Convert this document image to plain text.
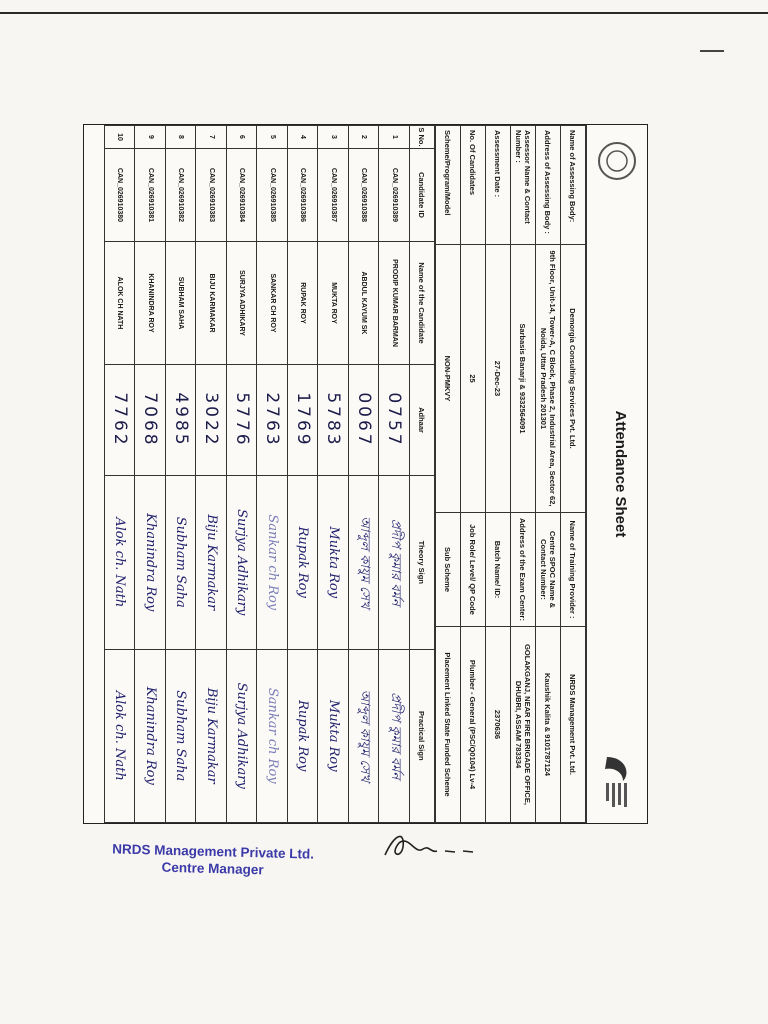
Attendance Sheet
Name of Assessing Body:	Demorgia Consulting Services Pvt. Ltd.	Name of Training Provider :	NRDS Management Pvt. Ltd.
Address of Assessing Body :	9th Floor, Unit-14, Tower-A, C Block, Phase 2, Industrial Area, Sector 62, Noida, Uttar Pradesh 201301	Centre SPOC Name & Contact Number:	Kaushik Kalita & 9101787124
Assessor Name & Contact Number :	Sarbasis Banarji & 9332564091	Address of the Exam Center:	GOLAKGANJ, NEAR FIRE BRIGADE OFFICE, DHUBRI, ASSAM 783334
Assessment Date :	27-Dec-23	Batch Name/ ID:	2370636
No. Of Candidates	25	Job Role/ Level/ QP Code	Plumber - General (PSC/Q0104) Lv-4
Scheme/Program/Model	NON-PMKVY	Sub Scheme	Placement Linked State Funded Scheme
S No.	Candidate ID	Name of the Candidate	Adhaar	Theory Sign	Practical Sign
1	CAN_026910389	PRODIP KUMAR BARMAN	0757	প্রদীপ কুমার বর্মন	প্রদীপ কুমার বর্মন
2	CAN_026910388	ABDUL KAYUM SK	0067	আব্দুল কাযুম সেখ	আব্দুল কাযুম সেখ
3	CAN_026910387	MUKTA ROY	5783	Mukta Roy	Mukta Roy
4	CAN_026910386	RUPAK ROY	1769	Rupak Roy	Rupak Roy
5	CAN_026910385	SANKAR CH ROY	2763	Sankar ch Roy	Sankar ch Roy
6	CAN_026910384	SURJYA ADHIKARY	5776	Surjya Adhikary	Surjya Adhikary
7	CAN_026910383	BIJU KARMAKAR	3022	Biju Karmakar	Biju Karmakar
8	CAN_026910382	SUBHAM SAHA	4985	Subham Saha	Subham Saha
9	CAN_026910381	KHANINDRA ROY	7068	Khanindra Roy	Khanindra Roy
10	CAN_026910380	ALOK CH NATH	7762	Alok ch. Nath	Alok ch. Nath
NRDS Management Private Ltd.
Centre Manager
